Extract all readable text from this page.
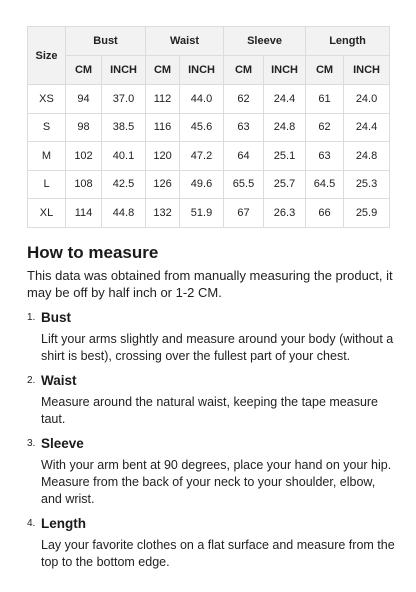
Size	Bust		Waist		Sleeve		Length	
	CM	INCH	CM	INCH	CM	INCH	CM	INCH
XS	94	37.0	112	44.0	62	24.4	61	24.0
S	98	38.5	116	45.6	63	24.8	62	24.4
M	102	40.1	120	47.2	64	25.1	63	24.8
L	108	42.5	126	49.6	65.5	25.7	64.5	25.3
XL	114	44.8	132	51.9	67	26.3	66	25.9
How to measure

This data was obtained from manually measuring the product, it may be off by half inch or 1-2 CM.

1. Bust

Lift your arms slightly and measure around your body (without a shirt is best), crossing over the fullest part of your chest.

2. Waist

Measure around the natural waist, keeping the tape measure taut.

3. Sleeve

With your arm bent at 90 degrees, place your hand on your hip. Measure from the back of your neck to your shoulder, elbow, and wrist.

4. Length

Lay your favorite clothes on a flat surface and measure from the top to the bottom edge.
